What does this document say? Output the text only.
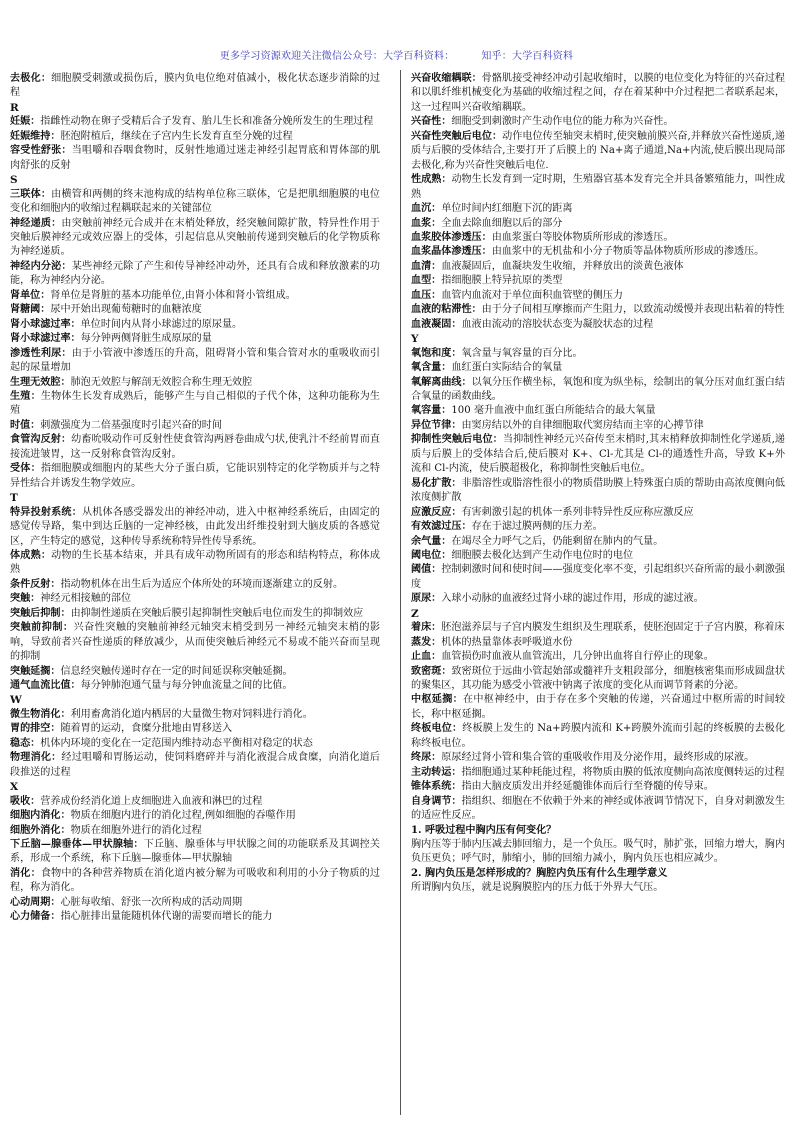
更多学习资源欢迎关注微信公众号：大学百科资料：        知乎：大学百科资料

去极化：细胞膜受刺激或损伤后，膜内负电位绝对值减小，极化状态逐步消除的过程

R

妊娠：指雌性动物在卵子受精后合子发育、胎儿生长和准备分娩所发生的生理过程

妊娠维持：胚泡附植后，继续在子宫内生长发育直至分娩的过程

容受性舒张：当咀嚼和吞咽食物时，反射性地通过迷走神经引起胃底和胃体部的肌肉舒张的反射

S

三联体：由横管和两侧的终末池构成的结构单位称三联体，它是把肌细胞膜的电位变化和细胞内的收缩过程耦联起来的关键部位

神经递质：由突触前神经元合成并在末梢处释放，经突触间隙扩散，特异性作用于突触后膜神经元或效应器上的受体，引起信息从突触前传递到突触后的化学物质称为神经递质。

神经内分泌：某些神经元除了产生和传导神经冲动外，还具有合成和释放激素的功能，称为神经内分泌。

肾单位：肾单位是肾脏的基本功能单位,由肾小体和肾小管组成。

肾糖阈：尿中开始出现葡萄糖时的血糖浓度

肾小球滤过率：单位时间内从肾小球滤过的原尿量。

肾小球滤过率：每分钟两侧肾脏生成原尿的量

渗透性利尿：由于小管液中渗透压的升高，阻碍肾小管和集合管对水的重吸收而引起的尿量增加

生理无效腔：肺泡无效腔与解剖无效腔合称生理无效腔

生殖：生物体生长发育成熟后，能够产生与自己相似的子代个体，这种功能称为生殖

时值：刺激强度为二倍基强度时引起兴奋的时间

食管沟反射：幼畜吮吸动作可反射性使食管沟两唇卷曲成勺状,使乳汁不经前胃而直接流进皱胃，这一反射称食管沟反射。

受体：指细胞膜或细胞内的某些大分子蛋白质，它能识别特定的化学物质并与之特异性结合并诱发生物学效应。

T

特异投射系统：从机体各感受器发出的神经冲动，进入中枢神经系统后，由固定的感觉传导路，集中到达丘脑的一定神经核，由此发出纤维投射到大脑皮质的各感觉区，产生特定的感觉，这种传导系统称特异性传导系统。

体成熟：动物的生长基本结束，并具有成年动物所固有的形态和结构特点，称体成熟

条件反射：指动物机体在出生后为适应个体所处的环境而逐渐建立的反射。

突触：神经元相接触的部位

突触后抑制：由抑制性递质在突触后膜引起抑制性突触后电位而发生的抑制效应

突触前抑制：兴奋性突触的突触前神经元轴突末梢受到另一神经元轴突末梢的影响，导致前者兴奋性递质的释放减少，从而使突触后神经元不易或不能兴奋而呈现的抑制

突触延搁：信息经突触传递时存在一定的时间延误称突触延搁。

通气血流比值：每分钟肺泡通气量与每分钟血流量之间的比值。

W

微生物消化：利用畜禽消化道内栖居的大量微生物对饲料进行消化。

胃的排空：随着胃的运动，食糜分批地由胃移送入

稳态：机体内环境的变化在一定范围内维持动态平衡相对稳定的状态

物理消化：经过咀嚼和胃肠运动，使饲料磨碎并与消化液混合成食糜，向消化道后段推送的过程

X

吸收：营养成份经消化道上皮细胞进入血液和淋巴的过程

细胞内消化：物质在细胞内进行的消化过程,例如细胞的吞噬作用

细胞外消化：物质在细胞外进行的消化过程

下丘脑—腺垂体—甲状腺轴：下丘脑、腺垂体与甲状腺之间的功能联系及其调控关系，形成一个系统，称下丘脑—腺垂体—甲状腺轴

消化：食物中的各种营养物质在消化道内被分解为可吸收和利用的小分子物质的过程，称为消化。

心动周期：心脏每收缩、舒张一次所构成的活动周期

心力储备：指心脏排出量能随机体代谢的需要而增长的能力

兴奋收缩耦联：骨骼肌接受神经冲动引起收缩时，以膜的电位变化为特征的兴奋过程和以肌纤维机械变化为基础的收缩过程之间，存在着某种中介过程把二者联系起来，这一过程叫兴奋收缩耦联。

兴奋性：细胞受到刺激时产生动作电位的能力称为兴奋性。

兴奋性突触后电位：动作电位传至轴突末梢时,使突触前膜兴奋,并释放兴奋性递质,递质与后膜的受体结合,主要打开了后膜上的 Na+离子通道,Na+内流,使后膜出现局部去极化,称为兴奋性突触后电位.

性成熟：动物生长发育到一定时期，生殖器官基本发育完全并具备繁殖能力，叫性成熟

血沉：单位时间内红细胞下沉的距离

血浆：全血去除血细胞以后的部分

血浆胶体渗透压：由血浆蛋白等胶体物质所形成的渗透压。

血浆晶体渗透压：由血浆中的无机盐和小分子物质等晶体物质所形成的渗透压。

血清：血液凝固后，血凝块发生收缩，并释放出的淡黄色液体

血型：指细胞膜上特异抗原的类型

血压：血管内血流对于单位面积血管壁的侧压力

血液的粘滞性：由于分子间相互摩擦而产生阻力，以致流动缓慢并表现出粘着的特性

血液凝固：血液由流动的溶胶状态变为凝胶状态的过程

Y

氧饱和度：氧含量与氧容量的百分比。

氧含量：血红蛋白实际结合的氧量

氧解离曲线：以氧分压作横坐标，氧饱和度为纵坐标，绘制出的氧分压对血红蛋白结合氧量的函数曲线。

氧容量：100 毫升血液中血红蛋白所能结合的最大氧量

异位节律：由窦房结以外的自律细胞取代窦房结而主宰的心搏节律

抑制性突触后电位：当抑制性神经元兴奋传至末梢时,其末梢释放抑制性化学递质,递质与后膜上的受体结合后,使后膜对 K+、Cl-尤其是 Cl-的通透性升高，导致 K+外流和 Cl-内流，使后膜超极化，称抑制性突触后电位。

易化扩散：非脂溶性或脂溶性很小的物质借助膜上特殊蛋白质的帮助由高浓度侧向低浓度侧扩散

应激反应：有害刺激引起的机体一系列非特异性反应称应激反应

有效滤过压：存在于滤过膜两侧的压力差。

余气量：在竭尽全力呼气之后，仍能剩留在肺内的气量。

阈电位：细胞膜去极化达到产生动作电位时的电位

阈值：控制刺激时间和使时间——强度变化率不变，引起组织兴奋所需的最小刺激强度

原尿：入球小动脉的血液经过肾小球的滤过作用，形成的滤过液。

Z

着床：胚泡滋养层与子宫内膜发生组织及生理联系，使胚泡固定于子宫内膜，称着床

蒸发：机体的热量靠体表呼吸道水份

止血：血管损伤时血液从血管流出，几分钟出血将自行停止的现象。

致密斑：致密斑位于远曲小管起始部或髓袢升支粗段部分，细胞核密集而形成圆盘状的聚集区，其功能为感受小管液中钠离子浓度的变化从而调节肾素的分泌。

中枢延搁：在中枢神经中，由于存在多个突触的传递，兴奋通过中枢所需的时间较长，称中枢延搁。

终板电位：终板膜上发生的 Na+跨膜内流和 K+跨膜外流而引起的终板膜的去极化称终板电位。

终尿：原尿经过肾小管和集合管的重吸收作用及分泌作用，最终形成的尿液。

主动转运：指细胞通过某种耗能过程，将物质由膜的低浓度侧向高浓度侧转运的过程

锥体系统：指由大脑皮质发出并经延髓锥体而后行至脊髓的传导束。

自身调节：指组织、细胞在不依赖于外来的神经或体液调节情况下，自身对刺激发生的适应性反应。

1. 呼吸过程中胸内压有何变化？

胸内压等于肺内压减去肺回缩力，是一个负压。吸气时，肺扩张，回缩力增大，胸内负压更负；呼气时，肺缩小，肺的回缩力减小，胸内负压也相应减少。

2. 胸内负压是怎样形成的？胸腔内负压有什么生理学意义

所谓胸内负压，就是说胸膜腔内的压力低于外界大气压。
